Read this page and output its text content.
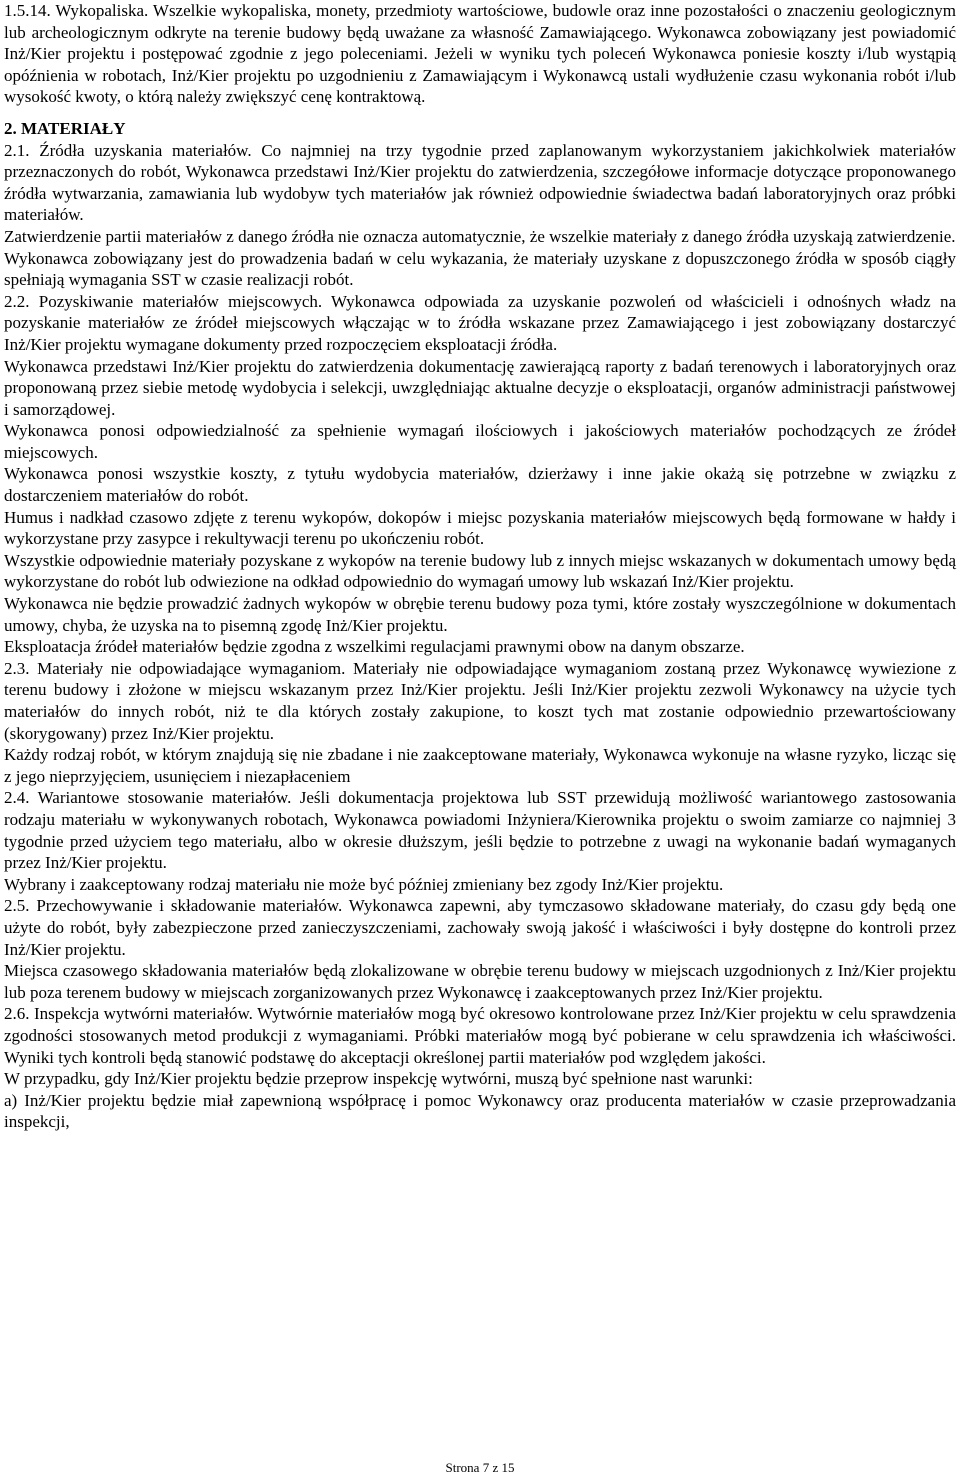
1.5.14. Wykopaliska. Wszelkie wykopaliska, monety, przedmioty wartościowe, budowle oraz inne pozostałości o znaczeniu geologicznym lub archeologicznym odkryte na terenie budowy będą uważane za własność Zamawiającego. Wykonawca zobowiązany jest powiadomić Inż/Kier projektu i postępować zgodnie z jego poleceniami. Jeżeli w wyniku tych poleceń Wykonawca poniesie koszty i/lub wystąpią opóźnienia w robotach, Inż/Kier projektu po uzgodnieniu z Zamawiającym i Wykonawcą ustali wydłużenie czasu wykonania robót i/lub wysokość kwoty, o którą należy zwiększyć cenę kontraktową.

2. MATERIAŁY

2.1. Źródła uzyskania materiałów. Co najmniej na trzy tygodnie przed zaplanowanym wykorzystaniem jakichkolwiek materiałów przeznaczonych do robót, Wykonawca przedstawi Inż/Kier projektu do zatwierdzenia, szczegółowe informacje dotyczące proponowanego źródła wytwarzania, zamawiania lub wydobyw tych materiałów jak również odpowiednie świadectwa badań laboratoryjnych oraz próbki materiałów.

Zatwierdzenie partii materiałów z danego źródła nie oznacza automatycznie, że wszelkie materiały z danego źródła uzyskają zatwierdzenie.

Wykonawca zobowiązany jest do prowadzenia badań w celu wykazania, że materiały uzyskane z dopuszczonego źródła w sposób ciągły spełniają wymagania SST w czasie realizacji robót.

2.2. Pozyskiwanie materiałów miejscowych. Wykonawca odpowiada za uzyskanie pozwoleń od właścicieli i odnośnych władz na pozyskanie materiałów ze źródeł miejscowych włączając w to źródła wskazane przez Zamawiającego i jest zobowiązany dostarczyć Inż/Kier projektu wymagane dokumenty przed rozpoczęciem eksploatacji źródła.

Wykonawca przedstawi Inż/Kier projektu do zatwierdzenia dokumentację zawierającą raporty z badań terenowych i laboratoryjnych oraz proponowaną przez siebie metodę wydobycia i selekcji, uwzględniając aktualne decyzje o eksploatacji, organów administracji państwowej i samorządowej.

Wykonawca ponosi odpowiedzialność za spełnienie wymagań ilościowych i jakościowych materiałów pochodzących ze źródeł miejscowych.

Wykonawca ponosi wszystkie koszty, z tytułu wydobycia materiałów, dzierżawy i inne jakie okażą się potrzebne w związku z dostarczeniem materiałów do robót.

Humus i nadkład czasowo zdjęte z terenu wykopów, dokopów i miejsc pozyskania materiałów miejscowych będą formowane w hałdy i wykorzystane przy zasypce i rekultywacji terenu po ukończeniu robót.

Wszystkie odpowiednie materiały pozyskane z wykopów na terenie budowy lub z innych miejsc wskazanych w dokumentach umowy będą wykorzystane do robót lub odwiezione na odkład odpowiednio do wymagań umowy lub wskazań Inż/Kier projektu.

Wykonawca nie będzie prowadzić żadnych wykopów w obrębie terenu budowy poza tymi, które zostały wyszczególnione w dokumentach umowy, chyba, że uzyska na to pisemną zgodę Inż/Kier projektu.

Eksploatacja źródeł materiałów będzie zgodna z wszelkimi regulacjami prawnymi obow na danym obszarze.

2.3. Materiały nie odpowiadające wymaganiom. Materiały nie odpowiadające wymaganiom zostaną przez Wykonawcę wywiezione z terenu budowy i złożone w miejscu wskazanym przez Inż/Kier projektu. Jeśli Inż/Kier projektu zezwoli Wykonawcy na użycie tych materiałów do innych robót, niż te dla których zostały zakupione, to koszt tych mat zostanie odpowiednio przewartościowany (skorygowany) przez Inż/Kier projektu.

Każdy rodzaj robót, w którym znajdują się nie zbadane i nie zaakceptowane materiały, Wykonawca wykonuje na własne ryzyko, licząc się z jego nieprzyjęciem, usunięciem i niezapłaceniem

2.4. Wariantowe stosowanie materiałów. Jeśli dokumentacja projektowa lub SST przewidują możliwość wariantowego zastosowania rodzaju materiału w wykonywanych robotach, Wykonawca powiadomi Inżyniera/Kierownika projektu o swoim zamiarze co najmniej 3 tygodnie przed użyciem tego materiału, albo w okresie dłuższym, jeśli będzie to potrzebne z uwagi na wykonanie badań wymaganych przez Inż/Kier projektu.

Wybrany i zaakceptowany rodzaj materiału nie może być później zmieniany bez zgody Inż/Kier projektu.

2.5. Przechowywanie i składowanie materiałów. Wykonawca zapewni, aby tymczasowo składowane materiały, do czasu gdy będą one użyte do robót, były zabezpieczone przed zanieczyszczeniami, zachowały swoją jakość i właściwości i były dostępne do kontroli przez Inż/Kier projektu.

Miejsca czasowego składowania materiałów będą zlokalizowane w obrębie terenu budowy w miejscach uzgodnionych z Inż/Kier projektu lub poza terenem budowy w miejscach zorganizowanych przez Wykonawcę i zaakceptowanych przez Inż/Kier projektu.

2.6. Inspekcja wytwórni materiałów. Wytwórnie materiałów mogą być okresowo kontrolowane przez Inż/Kier projektu w celu sprawdzenia zgodności stosowanych metod produkcji z wymaganiami. Próbki materiałów mogą być pobierane w celu sprawdzenia ich właściwości. Wyniki tych kontroli będą stanowić podstawę do akceptacji określonej partii materiałów pod względem jakości.

W przypadku, gdy Inż/Kier projektu będzie przeprow inspekcję wytwórni, muszą być spełnione nast warunki:

a) Inż/Kier projektu będzie miał zapewnioną współpracę i pomoc Wykonawcy oraz producenta materiałów w czasie przeprowadzania inspekcji,

Strona 7 z 15
